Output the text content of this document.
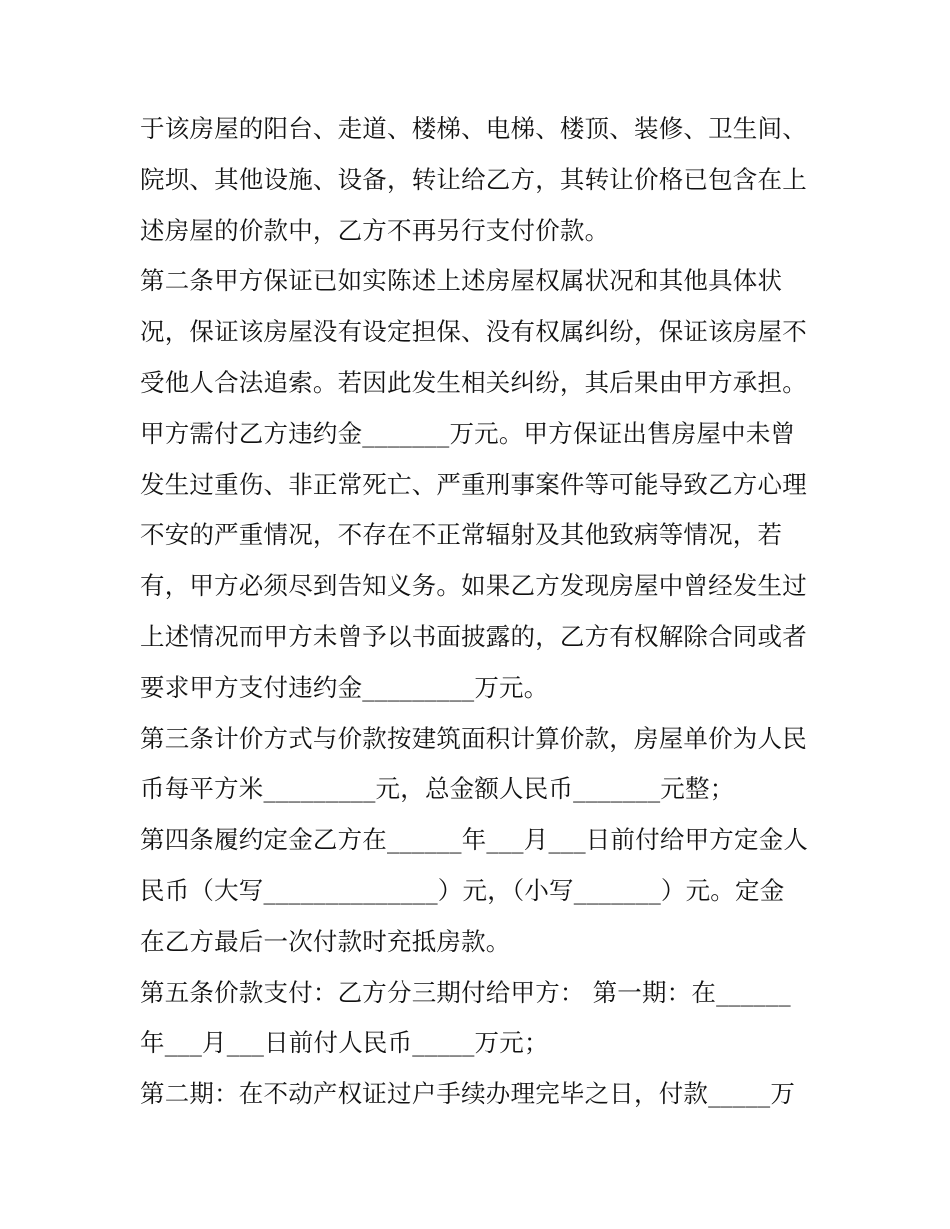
于该房屋的阳台、走道、楼梯、电梯、楼顶、装修、卫生间、
院坝、其他设施、设备，转让给乙方，其转让价格已包含在上
述房屋的价款中，乙方不再另行支付价款。
第二条甲方保证已如实陈述上述房屋权属状况和其他具体状
况，保证该房屋没有设定担保、没有权属纠纷，保证该房屋不
受他人合法追索。若因此发生相关纠纷，其后果由甲方承担。
甲方需付乙方违约金_______万元。甲方保证出售房屋中未曾
发生过重伤、非正常死亡、严重刑事案件等可能导致乙方心理
不安的严重情况，不存在不正常辐射及其他致病等情况，若
有，甲方必须尽到告知义务。如果乙方发现房屋中曾经发生过
上述情况而甲方未曾予以书面披露的，乙方有权解除合同或者
要求甲方支付违约金_________万元。
第三条计价方式与价款按建筑面积计算价款，房屋单价为人民
币每平方米_________元，总金额人民币_______元整；
第四条履约定金乙方在______年___月___日前付给甲方定金人
民币（大写______________）元，（小写_______）元。定金
在乙方最后一次付款时充抵房款。
第五条价款支付：乙方分三期付给甲方： 第一期：在______
年___月___日前付人民币_____万元；
第二期：在不动产权证过户手续办理完毕之日，付款_____万
